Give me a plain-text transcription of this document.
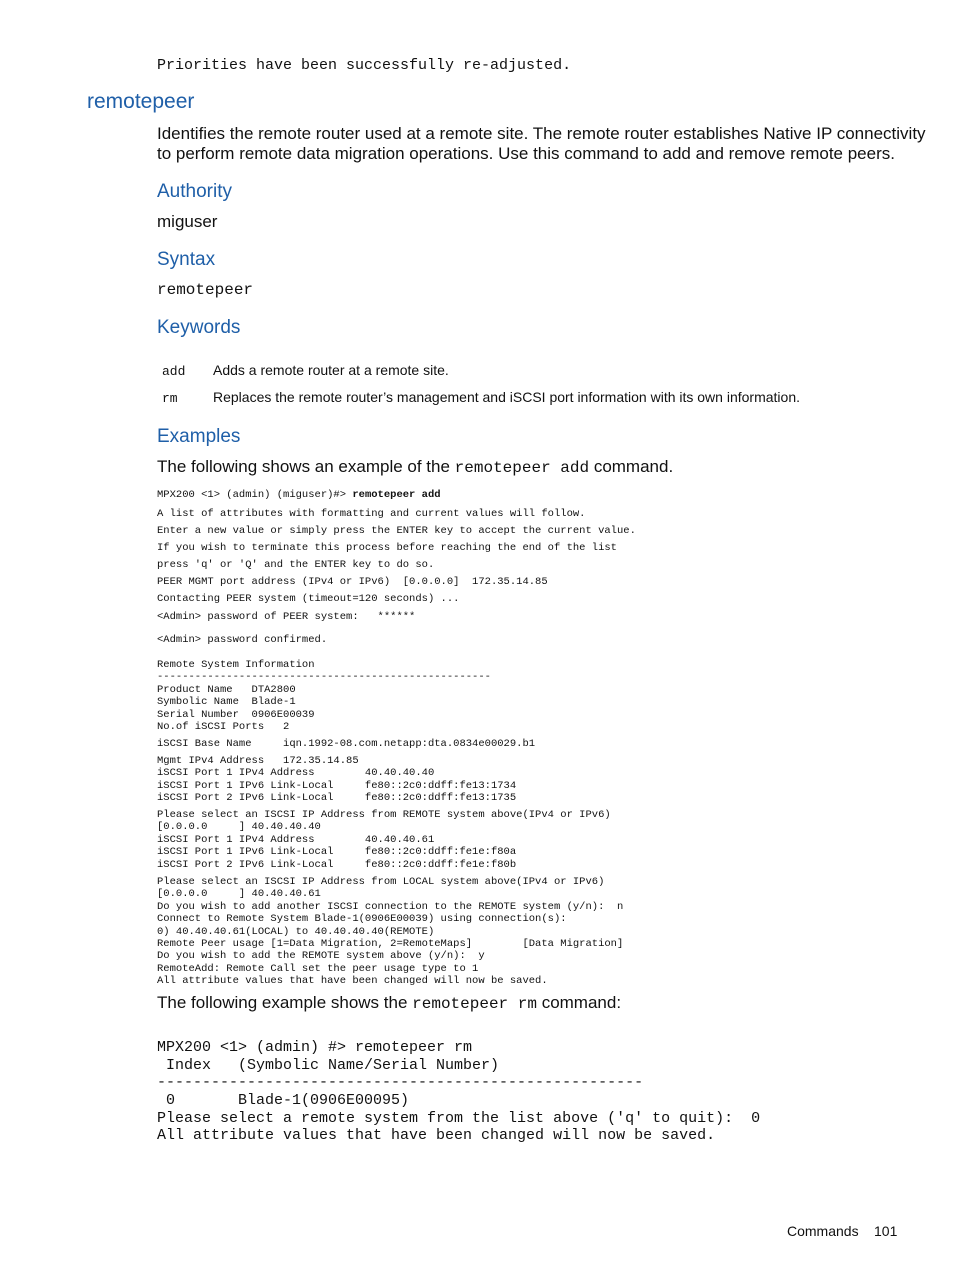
Priorities have been successfully re-adjusted.
remotepeer
Identifies the remote router used at a remote site. The remote router establishes Native IP connectivity
to perform remote data migration operations. Use this command to add and remove remote peers.
Authority
miguser
Syntax
remotepeer
Keywords
add Adds a remote router at a remote site.
rm	Replaces the remote router’s management and iSCSI port information with its own information.
Examples
The following shows an example of the remotepeer add command.
MPX200 <1> (admin) (miguser)#> remotepeer add
A list of attributes with formatting and current values will follow.
Enter a new value or simply press the ENTER key to accept the current value.
If you wish to terminate this process before reaching the end of the list
press 'q' or 'Q' and the ENTER key to do so.
PEER MGMT port address (IPv4 or IPv6)  [0.0.0.0]  172.35.14.85
Contacting PEER system (timeout=120 seconds) ...
<Admin> password of PEER system:   ******
<Admin> password confirmed.
Remote System Information
-----------------------------------------------------
Product Name   DTA2800
Symbolic Name  Blade-1
Serial Number  0906E00039
No.of iSCSI Ports   2
iSCSI Base Name     iqn.1992-08.com.netapp:dta.0834e00029.b1
Mgmt IPv4 Address   172.35.14.85
iSCSI Port 1 IPv4 Address        40.40.40.40
iSCSI Port 1 IPv6 Link-Local     fe80::2c0:ddff:fe13:1734
iSCSI Port 2 IPv6 Link-Local     fe80::2c0:ddff:fe13:1735
Please select an ISCSI IP Address from REMOTE system above(IPv4 or IPv6)
[0.0.0.0     ] 40.40.40.40
iSCSI Port 1 IPv4 Address        40.40.40.61
iSCSI Port 1 IPv6 Link-Local     fe80::2c0:ddff:fe1e:f80a
iSCSI Port 2 IPv6 Link-Local     fe80::2c0:ddff:fe1e:f80b
Please select an ISCSI IP Address from LOCAL system above(IPv4 or IPv6)
[0.0.0.0     ] 40.40.40.61
Do you wish to add another ISCSI connection to the REMOTE system (y/n):  n
Connect to Remote System Blade-1(0906E00039) using connection(s):
0) 40.40.40.61(LOCAL) to 40.40.40.40(REMOTE)
Remote Peer usage [1=Data Migration, 2=RemoteMaps]        [Data Migration]
Do you wish to add the REMOTE system above (y/n):  y
RemoteAdd: Remote Call set the peer usage type to 1
All attribute values that have been changed will now be saved.
The following example shows the remotepeer rm command:
MPX200 <1> (admin) #> remotepeer rm
Index   (Symbolic Name/Serial Number)
------------------------------------------------------
0       Blade-1(0906E00095)
Please select a remote system from the list above ('q' to quit):  0
All attribute values that have been changed will now be saved.
Commands 101
